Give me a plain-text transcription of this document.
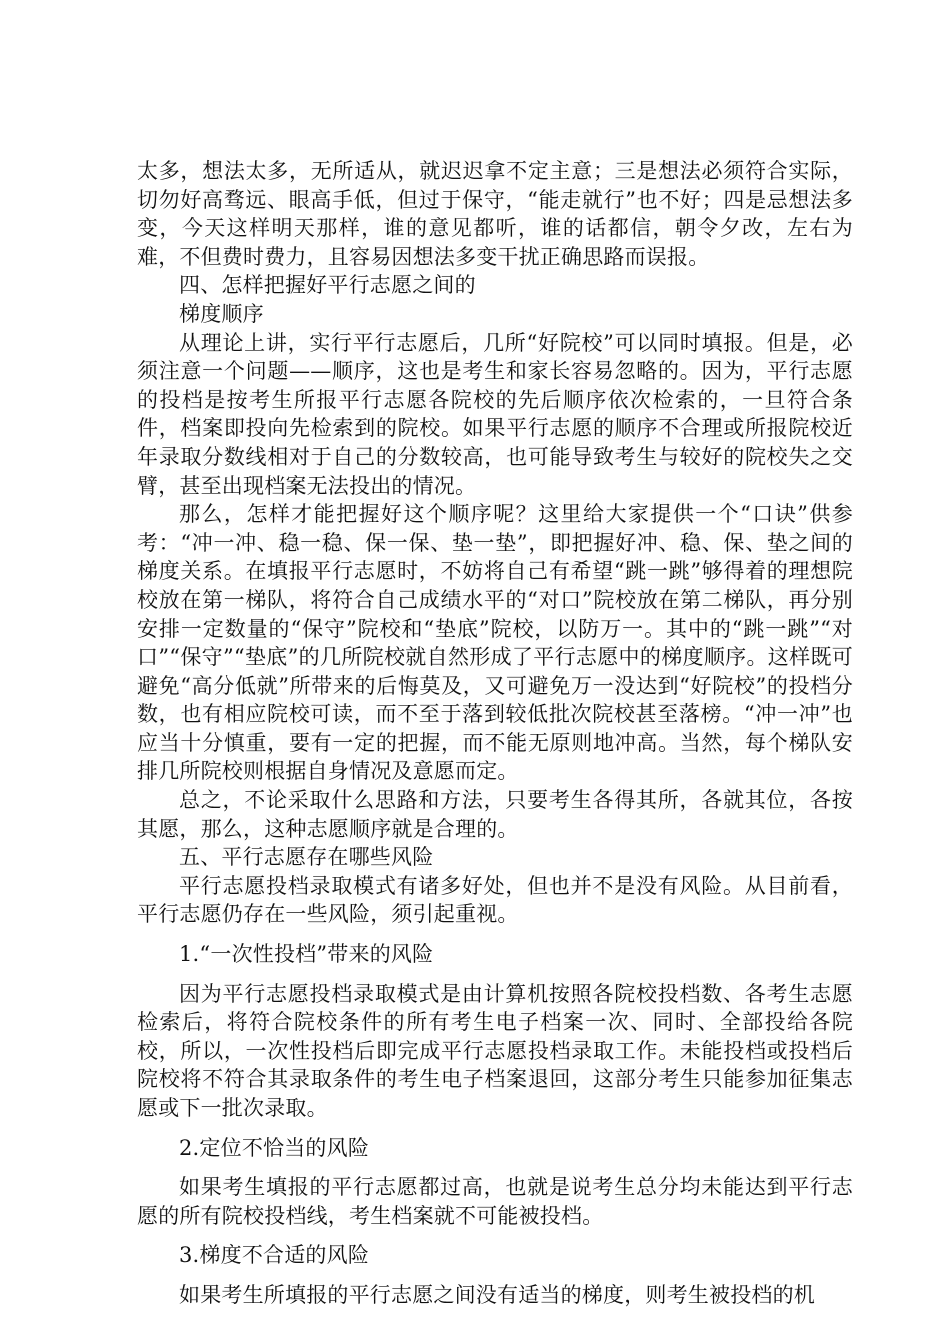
太多，想法太多，无所适从，就迟迟拿不定主意；三是想法必须符合实际，切勿好高骛远、眼高手低，但过于保守，“能走就行”也不好；四是忌想法多变，今天这样明天那样，谁的意见都听，谁的话都信，朝令夕改，左右为难，不但费时费力，且容易因想法多变干扰正确思路而误报。

四、怎样把握好平行志愿之间的

梯度顺序

从理论上讲，实行平行志愿后，几所“好院校”可以同时填报。但是，必须注意一个问题——顺序，这也是考生和家长容易忽略的。因为，平行志愿的投档是按考生所报平行志愿各院校的先后顺序依次检索的，一旦符合条件，档案即投向先检索到的院校。如果平行志愿的顺序不合理或所报院校近年录取分数线相对于自己的分数较高，也可能导致考生与较好的院校失之交臂，甚至出现档案无法投出的情况。

那么，怎样才能把握好这个顺序呢？这里给大家提供一个“口诀”供参考：“冲一冲、稳一稳、保一保、垫一垫”，即把握好冲、稳、保、垫之间的梯度关系。在填报平行志愿时，不妨将自己有希望“跳一跳”够得着的理想院校放在第一梯队，将符合自己成绩水平的“对口”院校放在第二梯队，再分别安排一定数量的“保守”院校和“垫底”院校，以防万一。其中的“跳一跳”“对口”“保守”“垫底”的几所院校就自然形成了平行志愿中的梯度顺序。这样既可避免“高分低就”所带来的后悔莫及，又可避免万一没达到“好院校”的投档分数，也有相应院校可读，而不至于落到较低批次院校甚至落榜。“冲一冲”也应当十分慎重，要有一定的把握，而不能无原则地冲高。当然，每个梯队安排几所院校则根据自身情况及意愿而定。

总之，不论采取什么思路和方法，只要考生各得其所，各就其位，各按其愿，那么，这种志愿顺序就是合理的。

五、平行志愿存在哪些风险

平行志愿投档录取模式有诸多好处，但也并不是没有风险。从目前看，平行志愿仍存在一些风险，须引起重视。

1.“一次性投档”带来的风险

因为平行志愿投档录取模式是由计算机按照各院校投档数、各考生志愿检索后，将符合院校条件的所有考生电子档案一次、同时、全部投给各院校，所以，一次性投档后即完成平行志愿投档录取工作。未能投档或投档后院校将不符合其录取条件的考生电子档案退回，这部分考生只能参加征集志愿或下一批次录取。

2.定位不恰当的风险

如果考生填报的平行志愿都过高，也就是说考生总分均未能达到平行志愿的所有院校投档线，考生档案就不可能被投档。

3.梯度不合适的风险

如果考生所填报的平行志愿之间没有适当的梯度，则考生被投档的机
